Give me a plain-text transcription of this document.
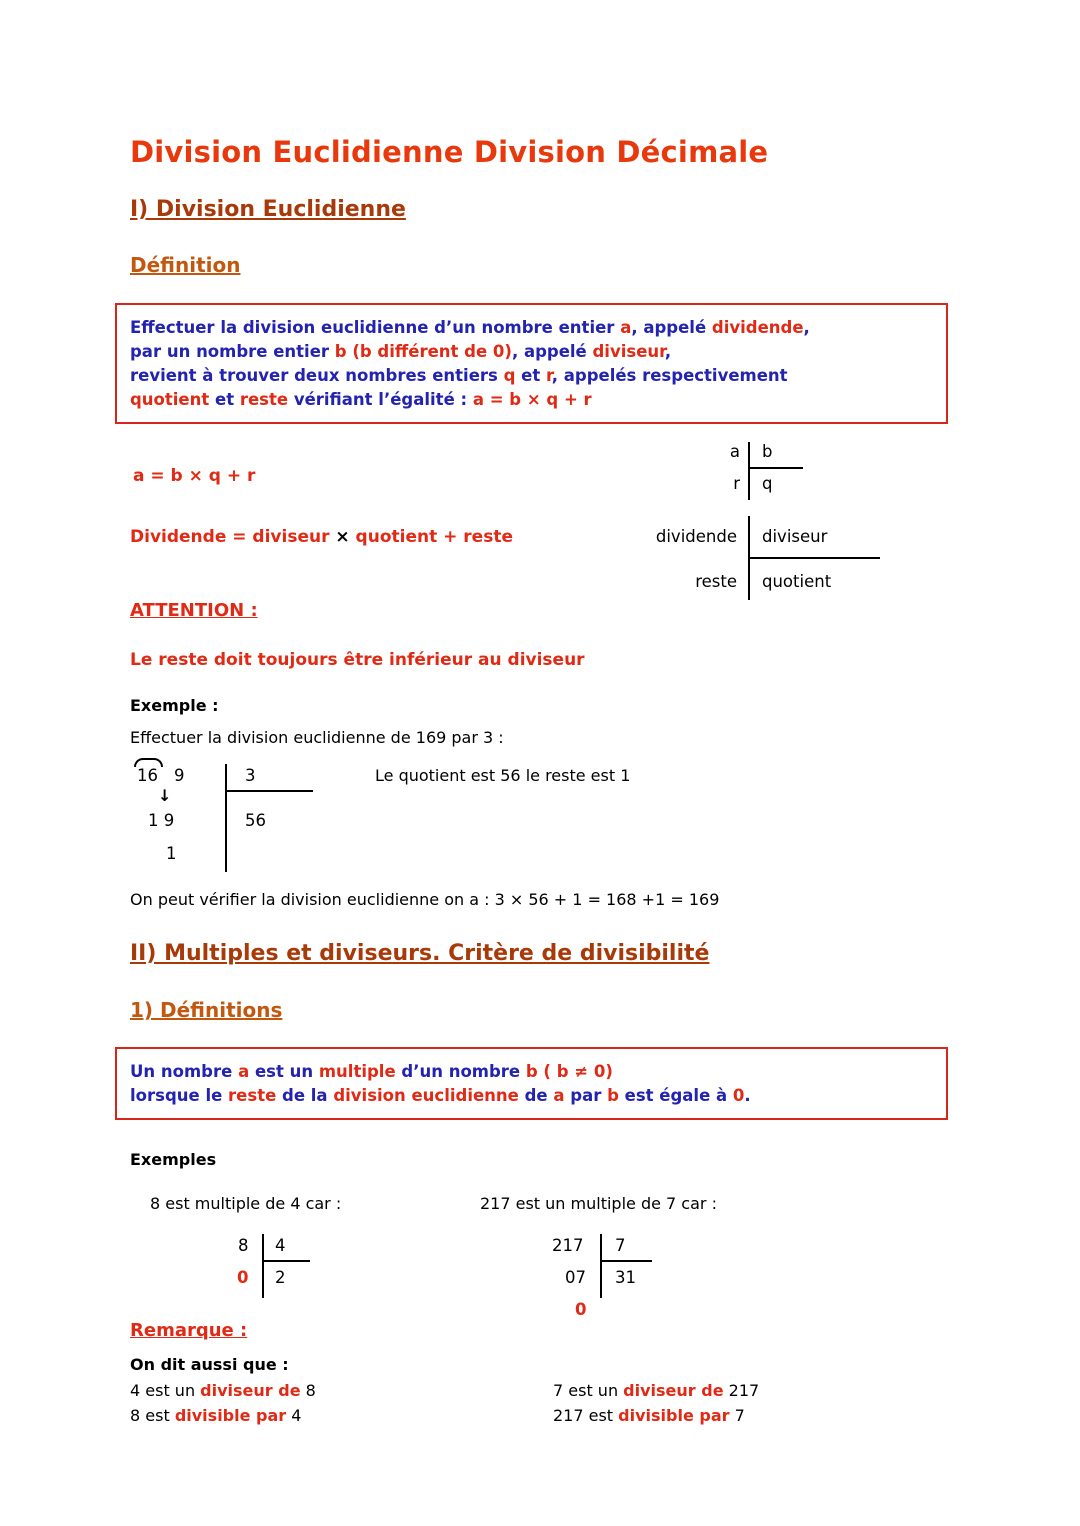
Division Euclidienne Division Décimale
I) Division Euclidienne
Définition

Effectuer la division euclidienne d’un nombre entier a, appelé dividende,

par un nombre entier b (b différent de 0), appelé diviseur,

revient à trouver deux nombres entiers q et r, appelés respectivement

quotient et reste vérifiant l’égalité : a = b × q + r

a = b × q + r
a b
r q
Dividende = diviseur × quotient + reste	dividende diviseur
reste quotient
ATTENTION :
Le reste doit toujours être inférieur au diviseur
Exemple :
Effectuer la division euclidienne de 169 par 3 :
16 9	3
↓
1 9	56
1
Le quotient est 56 le reste est 1
On peut vérifier la division euclidienne on a : 3 × 56 + 1 = 168 +1 = 169
II) Multiples et diviseurs. Critère de divisibilité
1) Définitions

Un nombre a est un multiple d’un nombre b ( b ≠ 0)

lorsque le reste de la division euclidienne de a par b est égale à 0.

Exemples
8 est multiple de 4 car :	217 est un multiple de 7 car :
8 4
0 2
217 7
07 31
0
Remarque :
On dit aussi que :
4 est un diviseur de 8
8 est divisible par 4
7 est un diviseur de 217
217 est divisible par 7
